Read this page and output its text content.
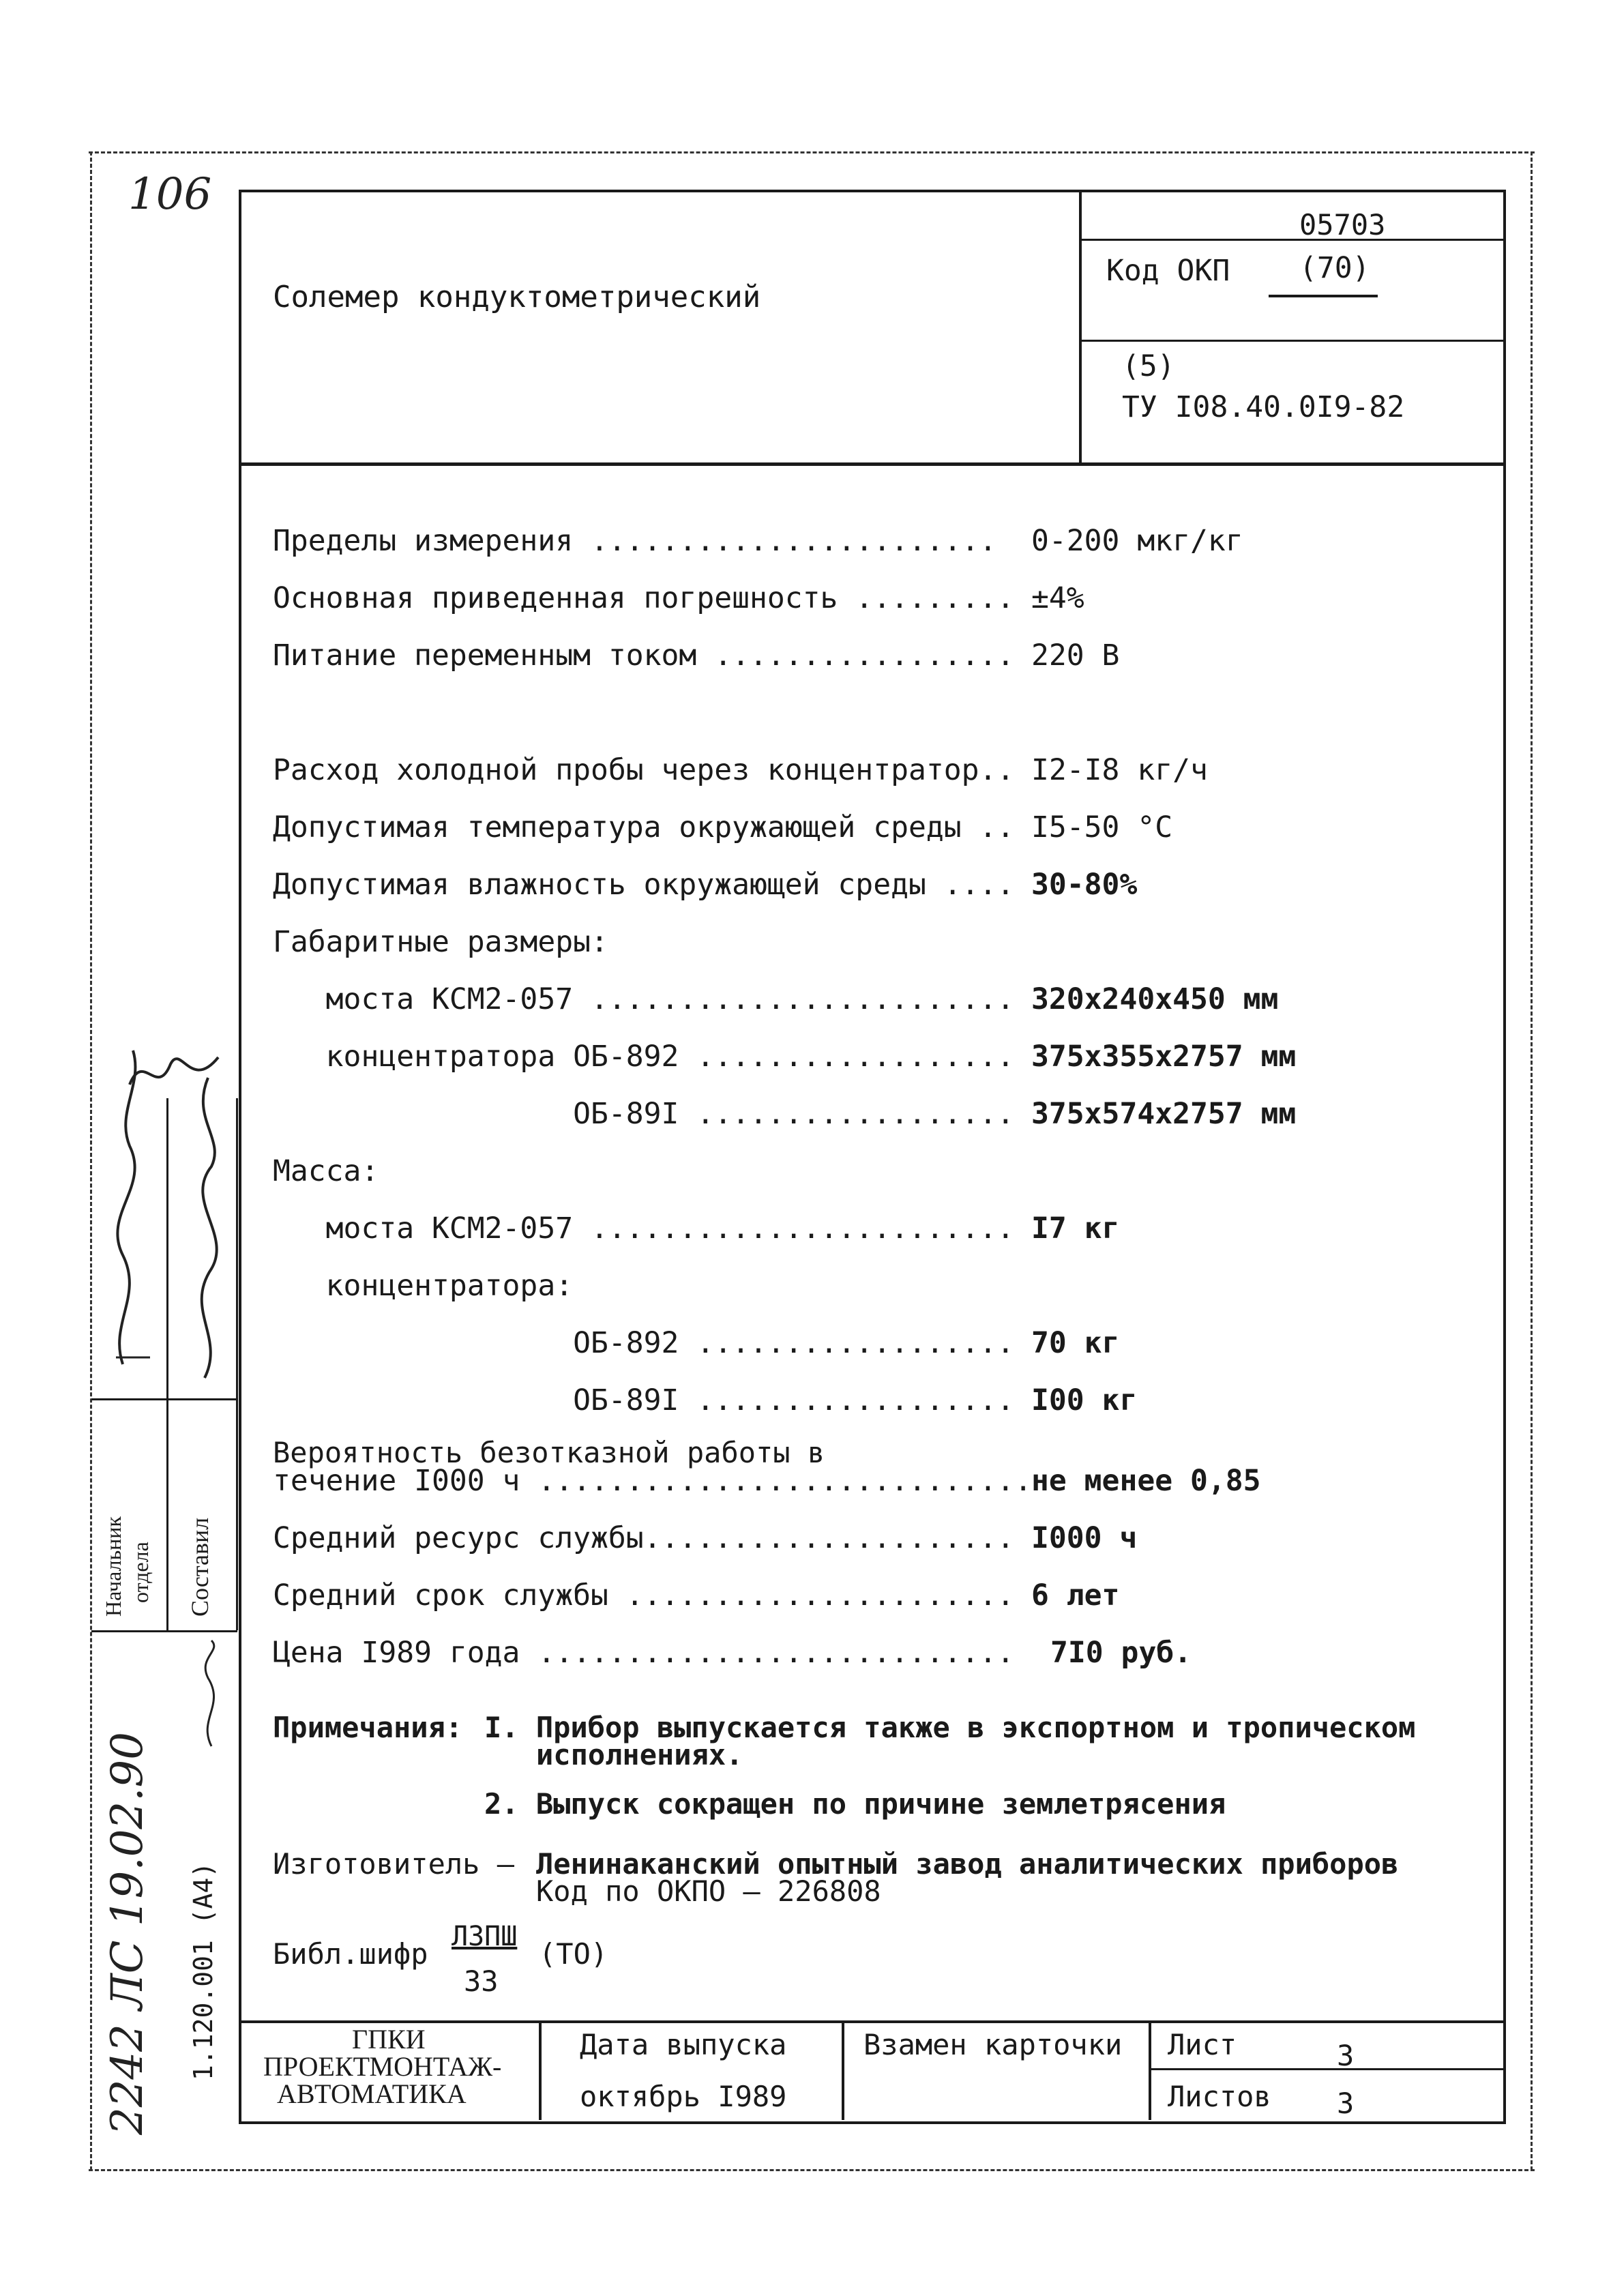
106
Солемер кондуктометрический
05703
Код ОКП (70)
(5)
ТУ I08.40.0I9-82
Пределы измерения ....................... 0-200 мкг/кг
Основная приведенная погрешность ......... ±4%
Питание переменным током ................. 220 В
Расход холодной пробы через концентратор.. I2-I8 кг/ч
Допустимая температура окружающей среды .. I5-50 °С
Допустимая влажность окружающей среды .... 30-80%
Габаритные размеры:
моста КСМ2-057 ........................ 320х240х450 мм
концентратора ОБ-892 .................. 375х355х2757 мм
ОБ-89I .................. 375х574х2757 мм
Масса:
моста КСМ2-057 ........................ I7 кг
концентратора:
ОБ-892 .................. 70 кг
ОБ-89I .................. I00 кг
Вероятность безотказной работы в
течение I000 ч ............................
не менее 0,85
Средний ресурс службы..................... I000 ч
Средний срок службы ...................... 6 лет
Цена I989 года ........................... 7I0 руб.
Примечания: I. Прибор выпускается также в экспортном и тропическом
исполнениях.
2. Выпуск сокращен по причине землетрясения
Изготовитель – Ленинаканский опытный завод аналитических приборов
Код по ОКПО – 226808
Библ.шифр
ЛЗПШ
33
(ТО)
ГПКИ
ПРОЕКТМОНТАЖ-
АВТОМАТИКА
Дата выпуска
октябрь I989
Взамен карточки Лист	3
Листов 3
Начальник отдела Составил
1.120.001 (А4)
2242 ЛС 19.02.90
